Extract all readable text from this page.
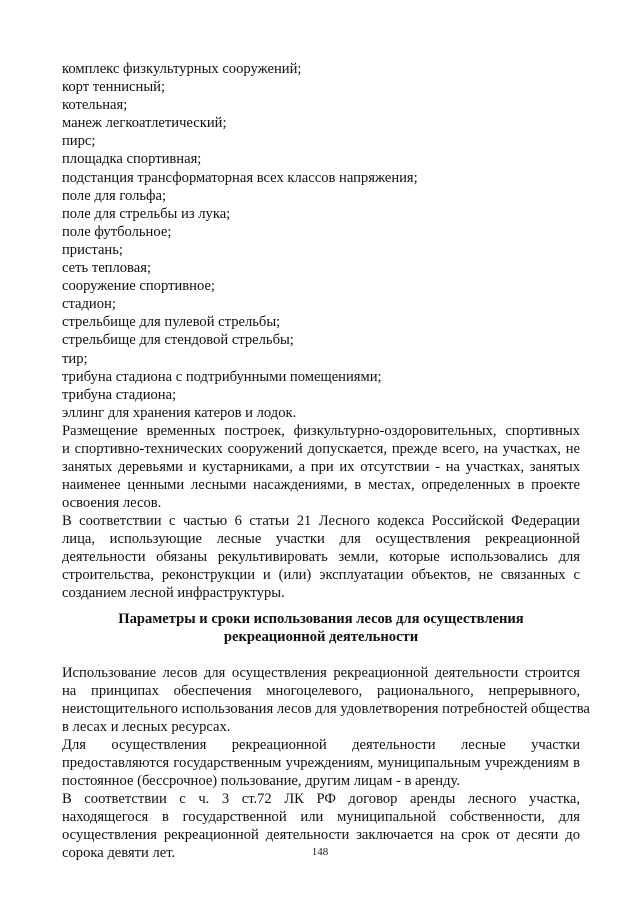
комплекс физкультурных сооружений;
корт теннисный;
котельная;
манеж легкоатлетический;
пирс;
площадка спортивная;
подстанция трансформаторная всех классов напряжения;
поле для гольфа;
поле для стрельбы из лука;
поле футбольное;
пристань;
сеть тепловая;
сооружение спортивное;
стадион;
стрельбище для пулевой стрельбы;
стрельбище для стендовой стрельбы;
тир;
трибуна стадиона с подтрибунными помещениями;
трибуна стадиона;
эллинг для хранения катеров и лодок.
Размещение временных построек, физкультурно-оздоровительных, спортивных
и спортивно-технических сооружений допускается, прежде всего, на участках, не
занятых деревьями и кустарниками, а при их отсутствии - на участках, занятых
наименее ценными лесными насаждениями, в местах, определенных в проекте
освоения лесов.
В соответствии с частью 6 статьи 21 Лесного кодекса Российской Федерации
лица, использующие лесные участки для осуществления рекреационной
деятельности обязаны рекультивировать земли, которые использовались для
строительства, реконструкции и (или) эксплуатации объектов, не связанных с
созданием лесной инфраструктуры.
Параметры и сроки использования лесов для осуществления
рекреационной деятельности
Использование лесов для осуществления рекреационной деятельности строится
на принципах обеспечения многоцелевого, рационального, непрерывного,
неистощительного использования лесов для удовлетворения потребностей общества
в лесах и лесных ресурсах.
Для осуществления рекреационной деятельности лесные участки
предоставляются государственным учреждениям, муниципальным учреждениям в
постоянное (бессрочное) пользование, другим лицам - в аренду.
В соответствии с ч. 3 ст.72 ЛК РФ договор аренды лесного участка,
находящегося в государственной или муниципальной собственности, для
осуществления рекреационной деятельности заключается на срок от десяти до
сорока девяти лет.	148
